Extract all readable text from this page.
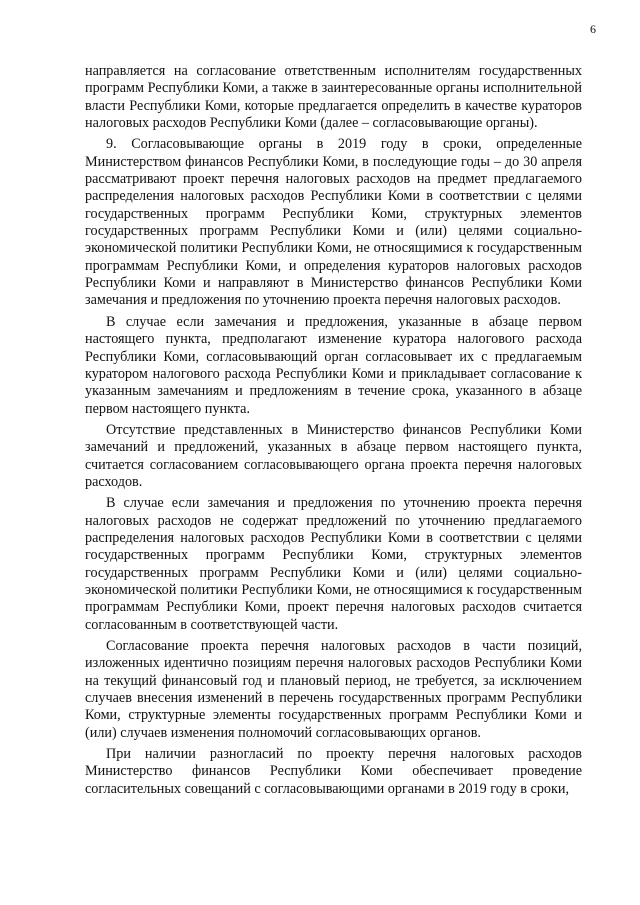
6

направляется на согласование ответственным исполнителям государственных программ Республики Коми, а также в заинтересованные органы исполнительной власти Республики Коми, которые предлагается определить в качестве кураторов налоговых расходов Республики Коми (далее – согласовывающие органы).

9. Согласовывающие органы в 2019 году в сроки, определенные Министерством финансов Республики Коми, в последующие годы – до 30 апреля рассматривают проект перечня налоговых расходов на предмет предлагаемого распределения налоговых расходов Республики Коми в соответствии с целями государственных программ Республики Коми, структурных элементов государственных программ Республики Коми и (или) целями социально-экономической политики Республики Коми, не относящимися к государственным программам Республики Коми, и определения кураторов налоговых расходов Республики Коми и направляют в Министерство финансов Республики Коми замечания и предложения по уточнению проекта перечня налоговых расходов.

В случае если замечания и предложения, указанные в абзаце первом настоящего пункта, предполагают изменение куратора налогового расхода Республики Коми, согласовывающий орган согласовывает их с предлагаемым куратором налогового расхода Республики Коми и прикладывает согласование к указанным замечаниям и предложениям в течение срока, указанного в абзаце первом настоящего пункта.

Отсутствие представленных в Министерство финансов Республики Коми замечаний и предложений, указанных в абзаце первом настоящего пункта, считается согласованием согласовывающего органа проекта перечня налоговых расходов.

В случае если замечания и предложения по уточнению проекта перечня налоговых расходов не содержат предложений по уточнению предлагаемого распределения налоговых расходов Республики Коми в соответствии с целями государственных программ Республики Коми, структурных элементов государственных программ Республики Коми и (или) целями социально-экономической политики Республики Коми, не относящимися к государственным программам Республики Коми, проект перечня налоговых расходов считается согласованным в соответствующей части.

Согласование проекта перечня налоговых расходов в части позиций, изложенных идентично позициям перечня налоговых расходов Республики Коми на текущий финансовый год и плановый период, не требуется, за исключением случаев внесения изменений в перечень государственных программ Республики Коми, структурные элементы государственных программ Республики Коми и (или) случаев изменения полномочий согласовывающих органов.

При наличии разногласий по проекту перечня налоговых расходов Министерство финансов Республики Коми обеспечивает проведение согласительных совещаний с согласовывающими органами в 2019 году в сроки,
